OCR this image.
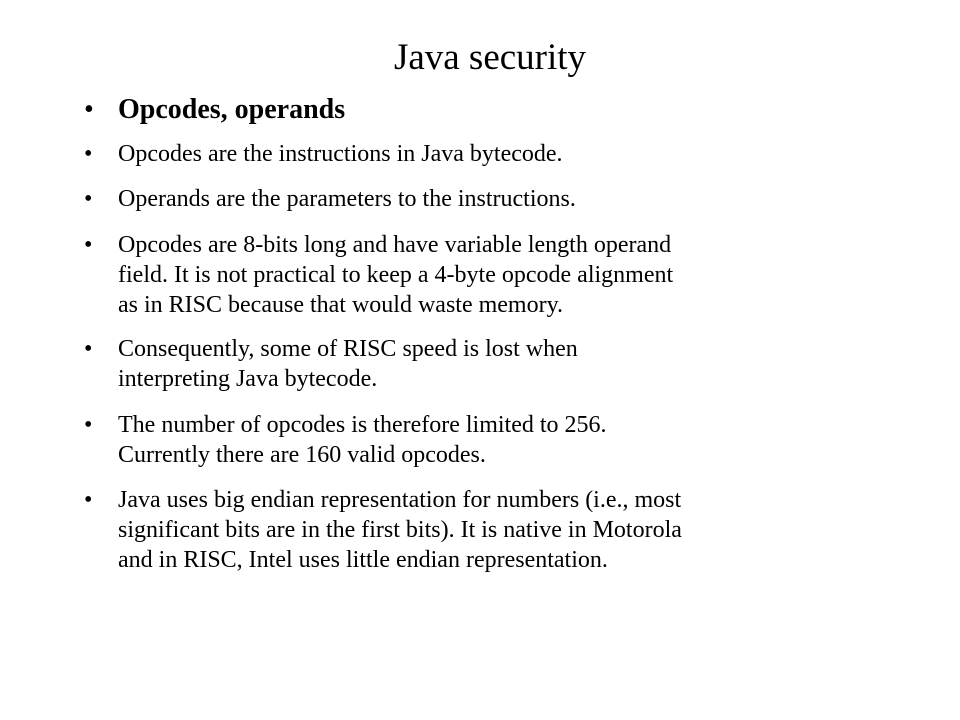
Java security
• Opcodes, operands
• Opcodes are the instructions in Java bytecode.
• Operands are the parameters to the instructions.
• Opcodes are 8-bits long and have variable length operand
field. It is not practical to keep a 4-byte opcode alignment
as in RISC because that would waste memory.
• Consequently, some of RISC speed is lost when
interpreting Java bytecode.
• The number of opcodes is therefore limited to 256.
Currently there are 160 valid opcodes.
• Java uses big endian representation for numbers (i.e., most
significant bits are in the first bits). It is native in Motorola
and in RISC, Intel uses little endian representation.
